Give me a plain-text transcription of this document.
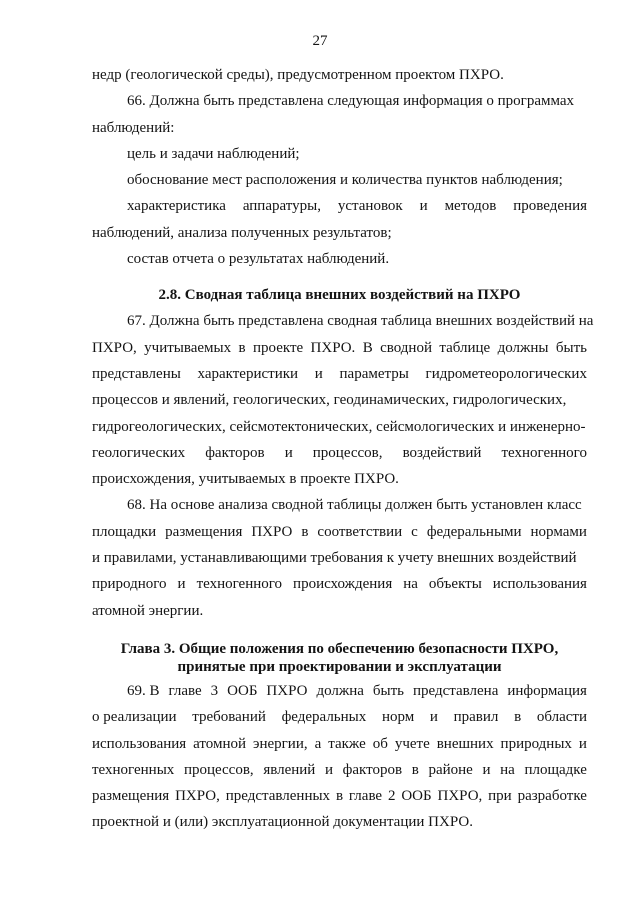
27
недр (геологической среды), предусмотренном проектом ПХРО.
66. Должна быть представлена следующая информация о программах
наблюдений:
цель и задачи наблюдений;
обоснование мест расположения и количества пунктов наблюдения;
характеристика аппаратуры, установок и методов проведения
наблюдений, анализа полученных результатов;
состав отчета о результатах наблюдений.
2.8. Сводная таблица внешних воздействий на ПХРО
67. Должна быть представлена сводная таблица внешних воздействий на
ПХРО, учитываемых в проекте ПХРО. В сводной таблице должны быть
представлены характеристики и параметры гидрометеорологических
процессов и явлений, геологических, геодинамических, гидрологических,
гидрогеологических, сейсмотектонических, сейсмологических и инженерно-
геологических факторов и процессов, воздействий техногенного
происхождения, учитываемых в проекте ПХРО.
68. На основе анализа сводной таблицы должен быть установлен класс
площадки размещения ПХРО в соответствии с федеральными нормами
и правилами, устанавливающими требования к учету внешних воздействий
природного и техногенного происхождения на объекты использования
атомной энергии.
Глава 3. Общие положения по обеспечению безопасности ПХРО,
принятые при проектировании и эксплуатации
69. В главе 3 ООБ ПХРО должна быть представлена информация
о реализации требований федеральных норм и правил в области
использования атомной энергии, а также об учете внешних природных и
техногенных процессов, явлений и факторов в районе и на площадке
размещения ПХРО, представленных в главе 2 ООБ ПХРО, при разработке
проектной и (или) эксплуатационной документации ПХРО.
